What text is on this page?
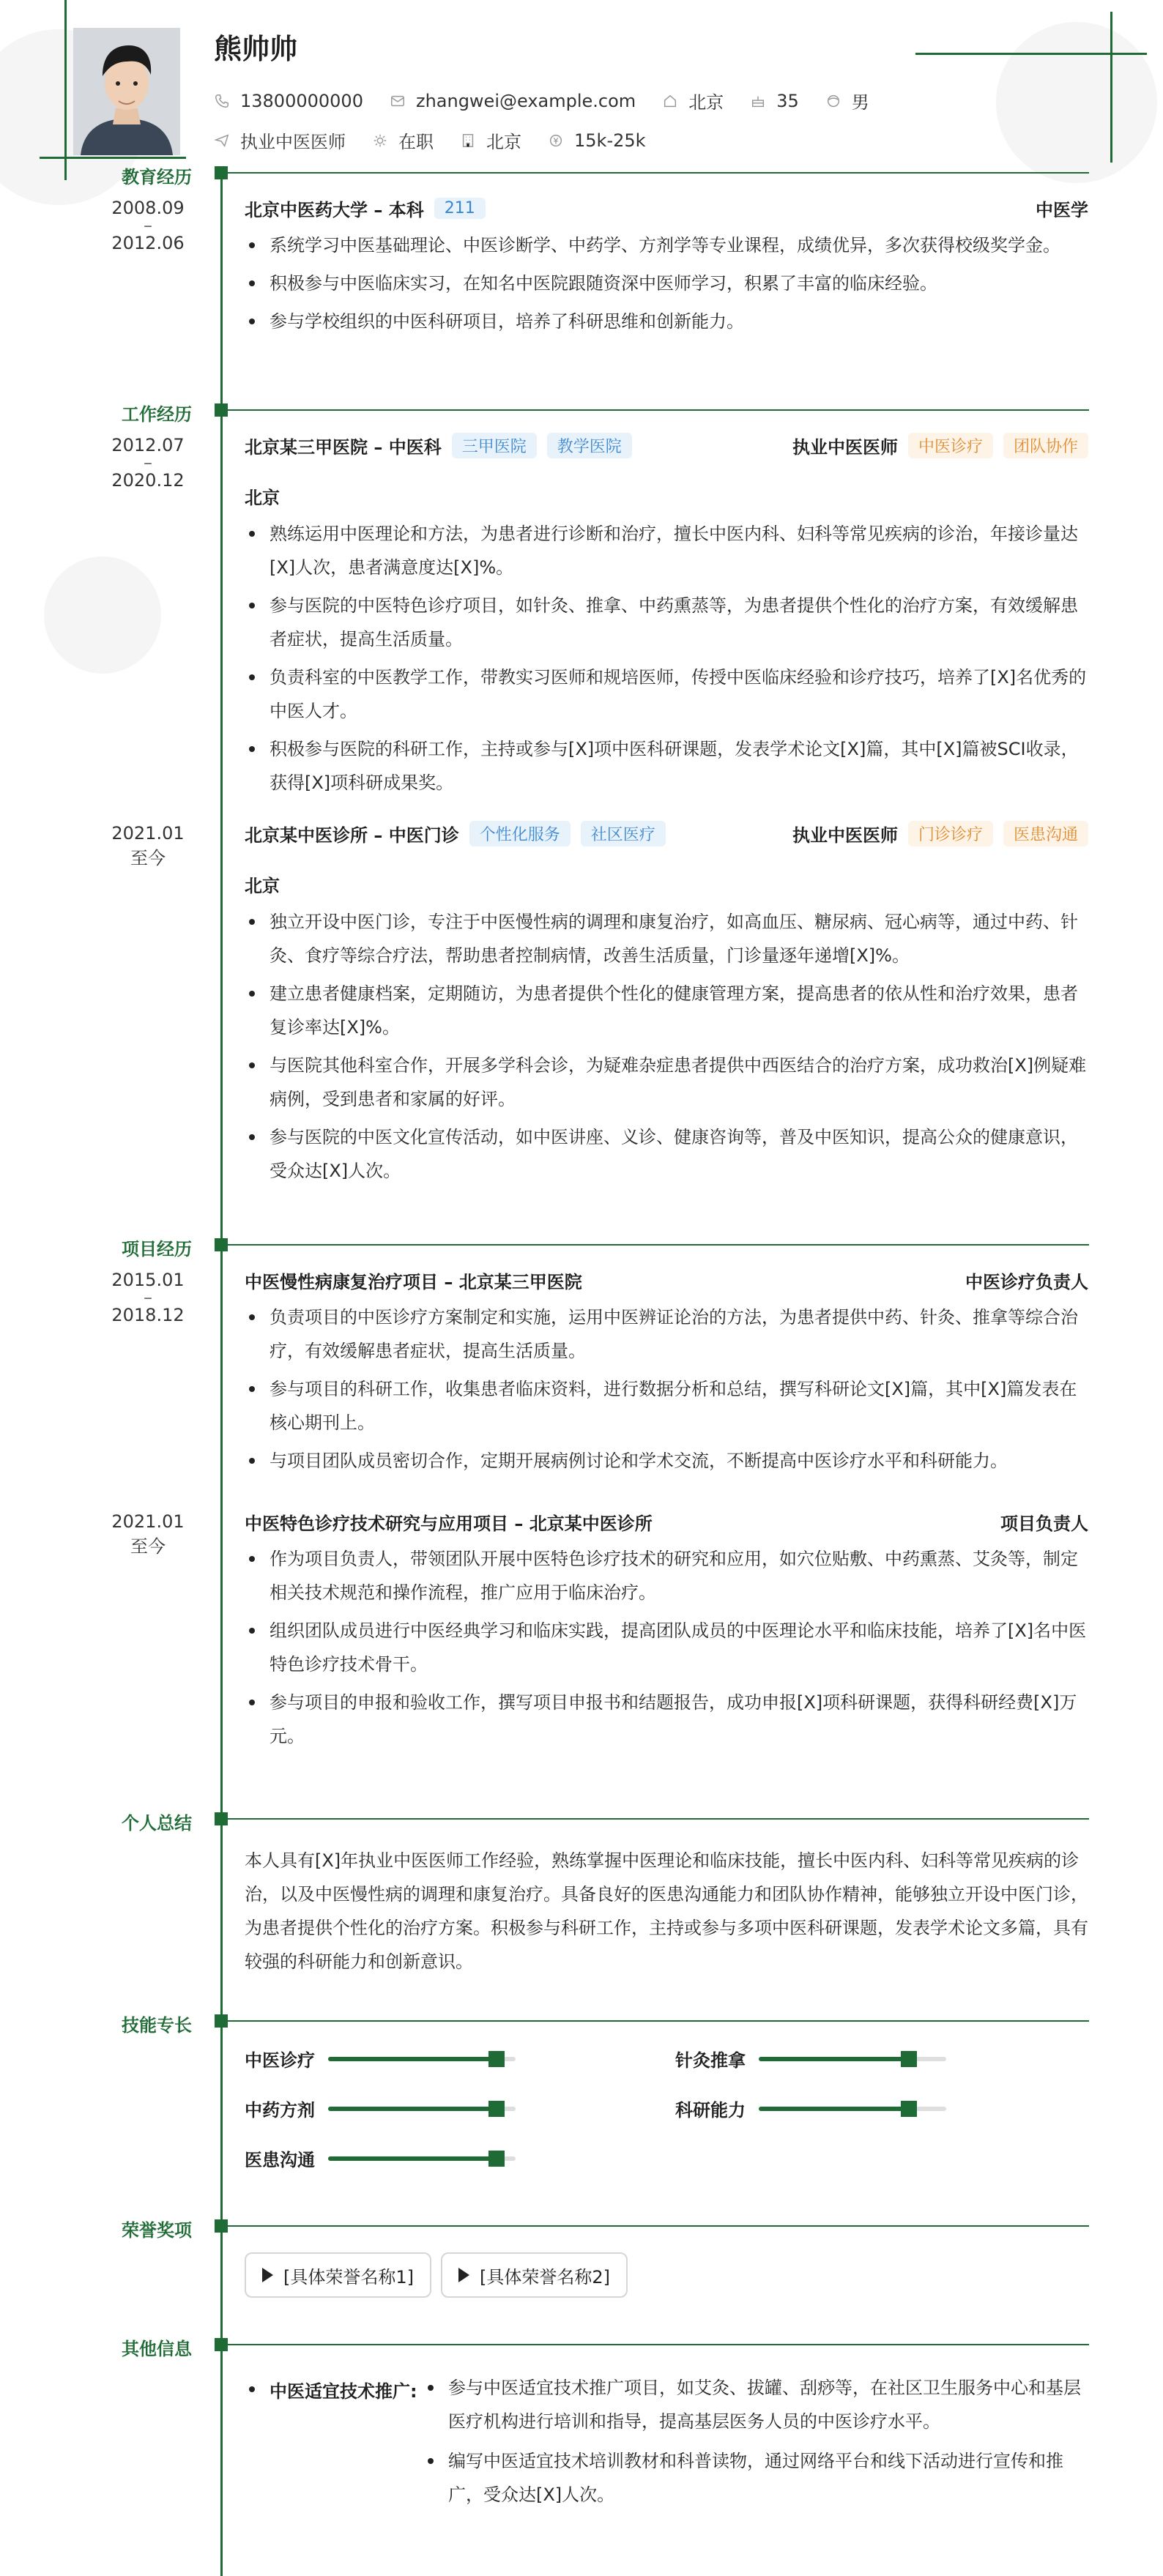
熊帅帅
13800000000	zhangwei@example.com	北京	35	男
执业中医医师	在职	北京	15k-25k
教育经历
2008.09
–
2012.06
北京中医药大学 – 本科	211	中医学
系统学习中医基础理论、中医诊断学、中药学、方剂学等专业课程，成绩优异，多次获得校级奖学金。
积极参与中医临床实习，在知名中医院跟随资深中医师学习，积累了丰富的临床经验。
参与学校组织的中医科研项目，培养了科研思维和创新能力。
工作经历
2012.07
–
2020.12
北京某三甲医院 – 中医科	三甲医院	教学医院	执业中医医师	中医诊疗	团队协作
北京
熟练运用中医理论和方法，为患者进行诊断和治疗，擅长中医内科、妇科等常见疾病的诊治，年接诊量达[X]人次，患者满意度达[X]%。
参与医院的中医特色诊疗项目，如针灸、推拿、中药熏蒸等，为患者提供个性化的治疗方案，有效缓解患者症状，提高生活质量。
负责科室的中医教学工作，带教实习医师和规培医师，传授中医临床经验和诊疗技巧，培养了[X]名优秀的中医人才。
积极参与医院的科研工作，主持或参与[X]项中医科研课题，发表学术论文[X]篇，其中[X]篇被SCI收录，获得[X]项科研成果奖。
2021.01
至今
北京某中医诊所 – 中医门诊	个性化服务	社区医疗	执业中医医师	门诊诊疗	医患沟通
北京
独立开设中医门诊，专注于中医慢性病的调理和康复治疗，如高血压、糖尿病、冠心病等，通过中药、针灸、食疗等综合疗法，帮助患者控制病情，改善生活质量，门诊量逐年递增[X]%。
建立患者健康档案，定期随访，为患者提供个性化的健康管理方案，提高患者的依从性和治疗效果，患者复诊率达[X]%。
与医院其他科室合作，开展多学科会诊，为疑难杂症患者提供中西医结合的治疗方案，成功救治[X]例疑难病例，受到患者和家属的好评。
参与医院的中医文化宣传活动，如中医讲座、义诊、健康咨询等，普及中医知识，提高公众的健康意识，受众达[X]人次。
项目经历
2015.01
–
2018.12
中医慢性病康复治疗项目 – 北京某三甲医院	中医诊疗负责人
负责项目的中医诊疗方案制定和实施，运用中医辨证论治的方法，为患者提供中药、针灸、推拿等综合治疗，有效缓解患者症状，提高生活质量。
参与项目的科研工作，收集患者临床资料，进行数据分析和总结，撰写科研论文[X]篇，其中[X]篇发表在核心期刊上。
与项目团队成员密切合作，定期开展病例讨论和学术交流，不断提高中医诊疗水平和科研能力。
2021.01
至今
中医特色诊疗技术研究与应用项目 – 北京某中医诊所	项目负责人
作为项目负责人，带领团队开展中医特色诊疗技术的研究和应用，如穴位贴敷、中药熏蒸、艾灸等，制定相关技术规范和操作流程，推广应用于临床治疗。
组织团队成员进行中医经典学习和临床实践，提高团队成员的中医理论水平和临床技能，培养了[X]名中医特色诊疗技术骨干。
参与项目的申报和验收工作，撰写项目申报书和结题报告，成功申报[X]项科研课题，获得科研经费[X]万元。
个人总结
本人具有[X]年执业中医医师工作经验，熟练掌握中医理论和临床技能，擅长中医内科、妇科等常见疾病的诊治，以及中医慢性病的调理和康复治疗。具备良好的医患沟通能力和团队协作精神，能够独立开设中医门诊，为患者提供个性化的治疗方案。积极参与科研工作，主持或参与多项中医科研课题，发表学术论文多篇，具有较强的科研能力和创新意识。
技能专长
中医诊疗	针灸推拿
中药方剂	科研能力
医患沟通
荣誉奖项
[具体荣誉名称1]	[具体荣誉名称2]
其他信息
中医适宜技术推广:	参与中医适宜技术推广项目，如艾灸、拔罐、刮痧等，在社区卫生服务中心和基层医疗机构进行培训和指导，提高基层医务人员的中医诊疗水平。
编写中医适宜技术培训教材和科普读物，通过网络平台和线下活动进行宣传和推广，受众达[X]人次。
